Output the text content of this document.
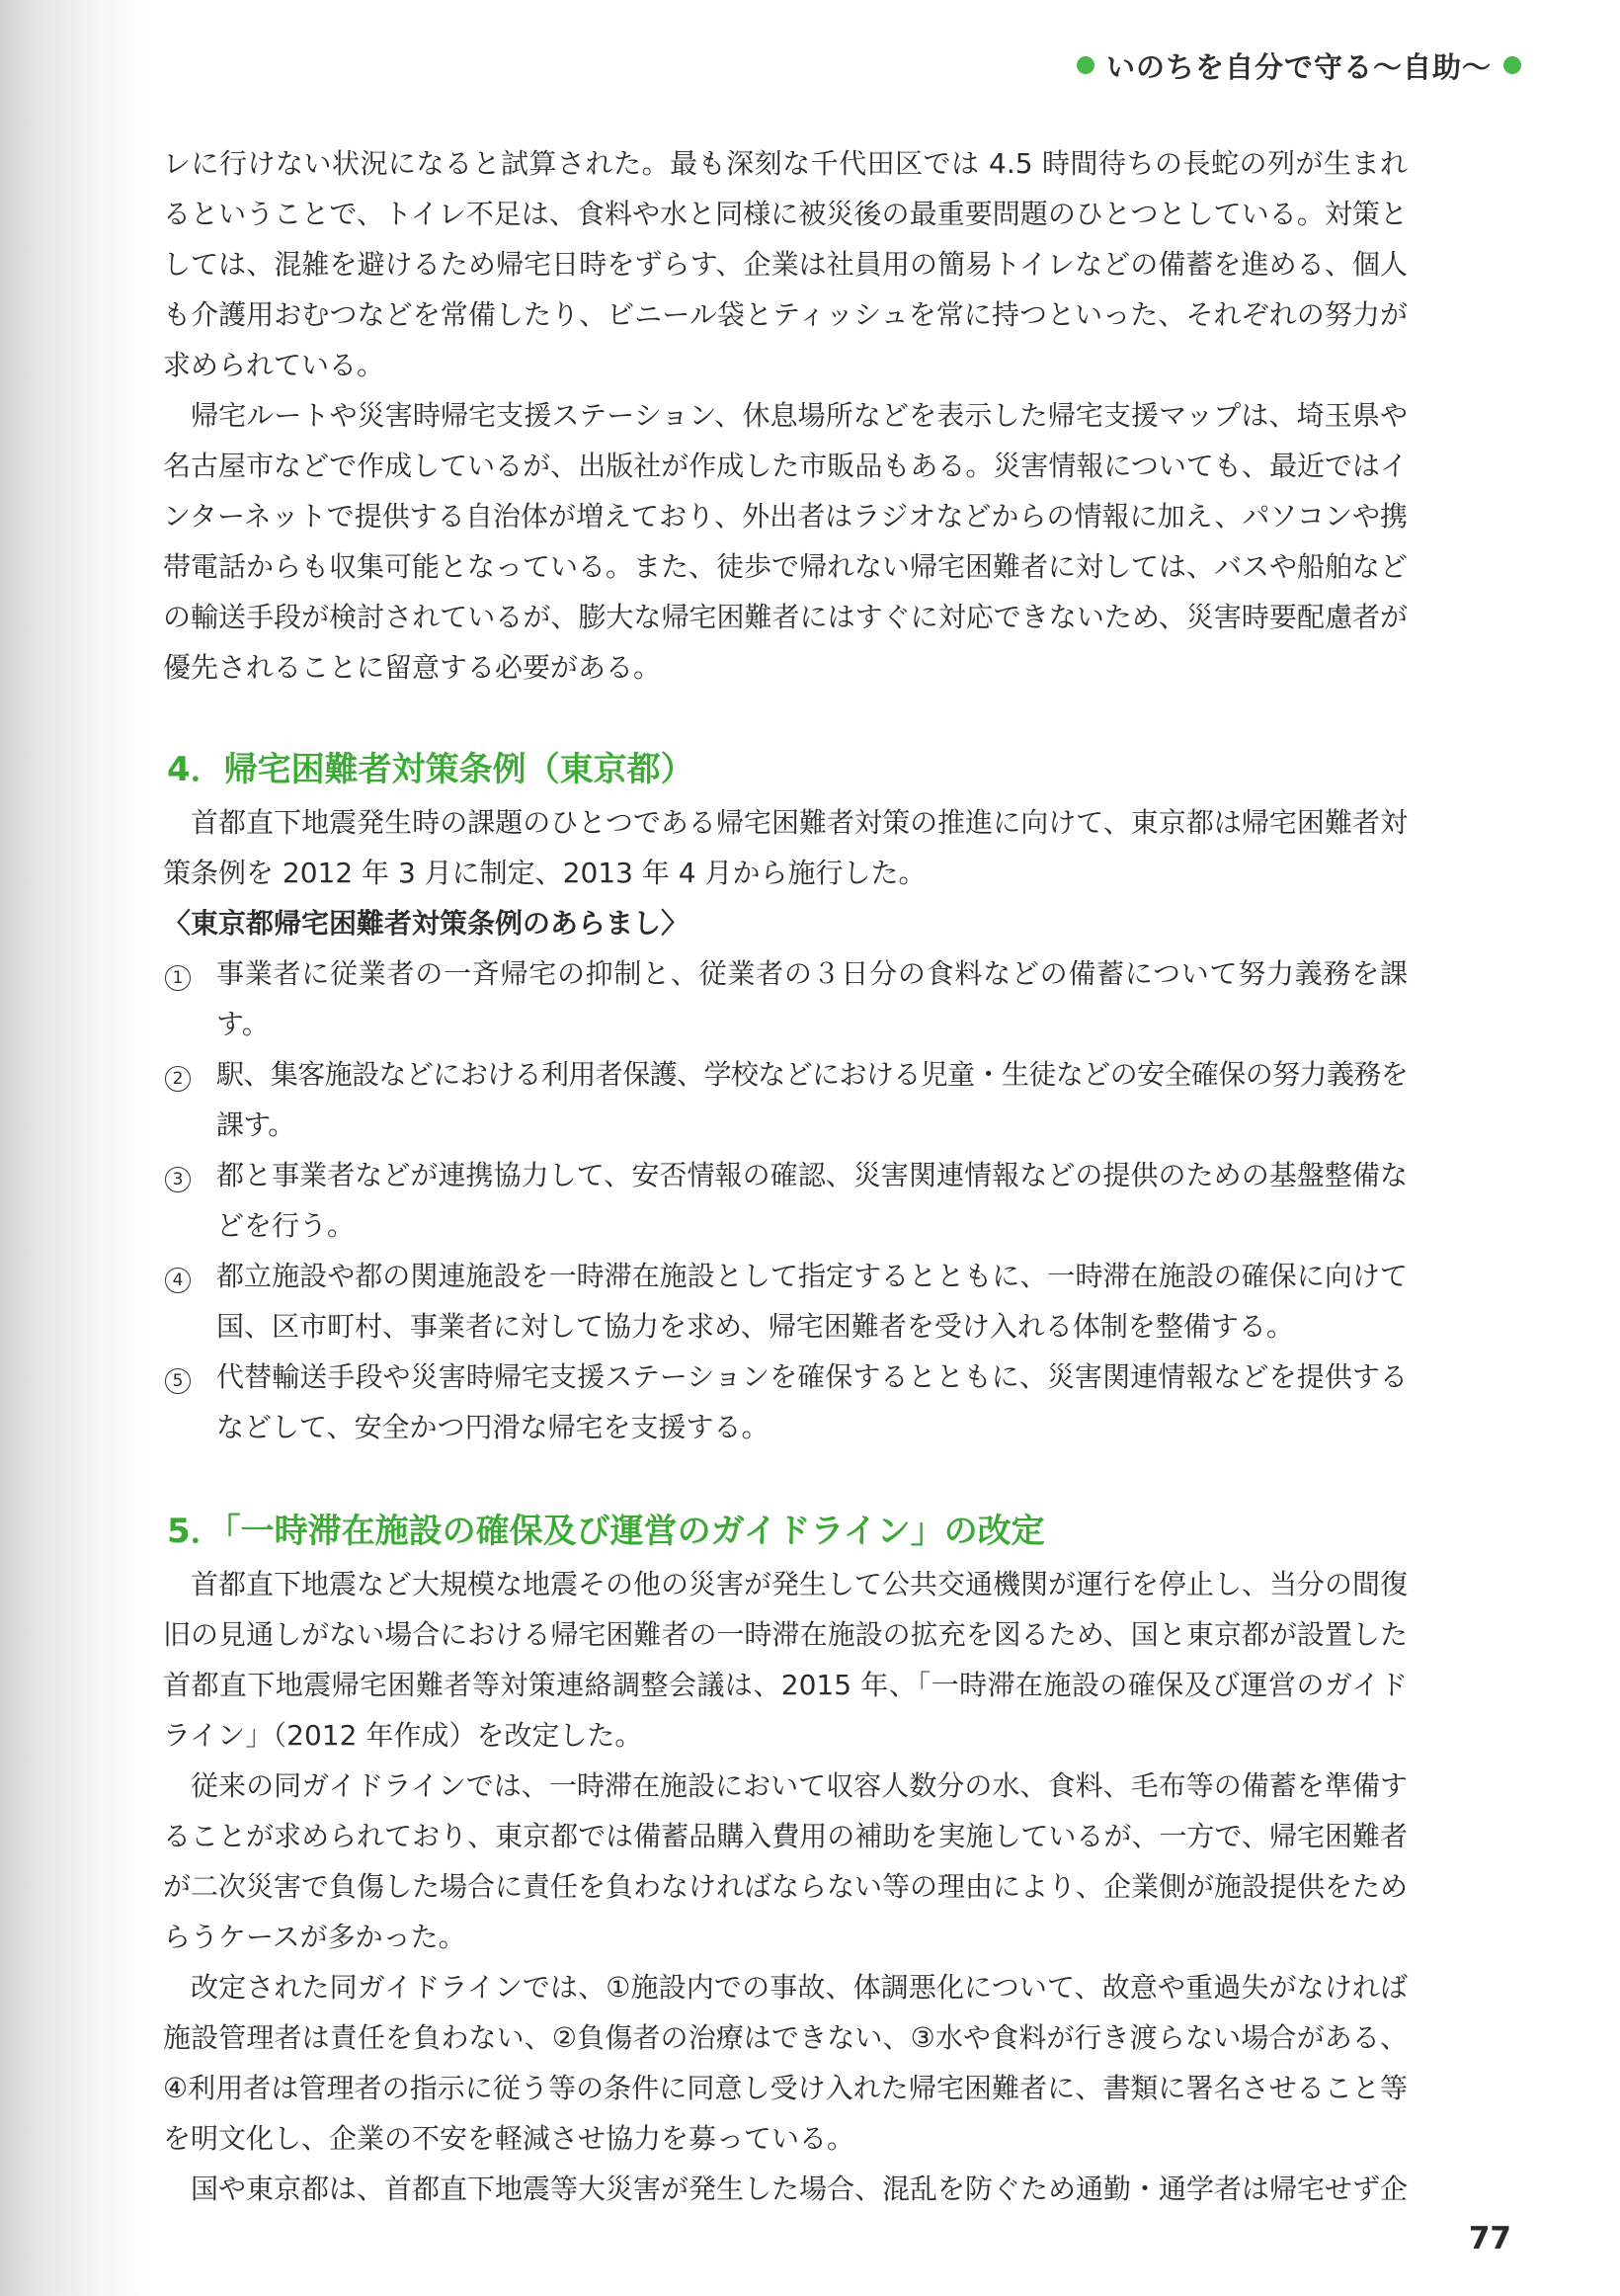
いのちを自分で守る〜自助〜

レに行けない状況になると試算された。最も深刻な千代田区では 4.5 時間待ちの長蛇の列が生まれるということで、トイレ不足は、食料や水と同様に被災後の最重要問題のひとつとしている。対策としては、混雑を避けるため帰宅日時をずらす、企業は社員用の簡易トイレなどの備蓄を進める、個人も介護用おむつなどを常備したり、ビニール袋とティッシュを常に持つといった、それぞれの努力が求められている。

帰宅ルートや災害時帰宅支援ステーション、休息場所などを表示した帰宅支援マップは、埼玉県や名古屋市などで作成しているが、出版社が作成した市販品もある。災害情報についても、最近ではインターネットで提供する自治体が増えており、外出者はラジオなどからの情報に加え、パソコンや携帯電話からも収集可能となっている。また、徒歩で帰れない帰宅困難者に対しては、バスや船舶などの輸送手段が検討されているが、膨大な帰宅困難者にはすぐに対応できないため、災害時要配慮者が優先されることに留意する必要がある。

4．帰宅困難者対策条例（東京都）

首都直下地震発生時の課題のひとつである帰宅困難者対策の推進に向けて、東京都は帰宅困難者対策条例を 2012 年 3 月に制定、2013 年 4 月から施行した。

〈東京都帰宅困難者対策条例のあらまし〉

1	事業者に従業者の一斉帰宅の抑制と、従業者の３日分の食料などの備蓄について努力義務を課す。
2	駅、集客施設などにおける利用者保護、学校などにおける児童・生徒などの安全確保の努力義務を課す。
3	都と事業者などが連携協力して、安否情報の確認、災害関連情報などの提供のための基盤整備などを行う。
4	都立施設や都の関連施設を一時滞在施設として指定するとともに、一時滞在施設の確保に向けて国、区市町村、事業者に対して協力を求め、帰宅困難者を受け入れる体制を整備する。
5	代替輸送手段や災害時帰宅支援ステーションを確保するとともに、災害関連情報などを提供するなどして、安全かつ円滑な帰宅を支援する。
5．「一時滞在施設の確保及び運営のガイドライン」の改定

首都直下地震など大規模な地震その他の災害が発生して公共交通機関が運行を停止し、当分の間復旧の見通しがない場合における帰宅困難者の一時滞在施設の拡充を図るため、国と東京都が設置した首都直下地震帰宅困難者等対策連絡調整会議は、2015 年、「一時滞在施設の確保及び運営のガイドライン」（2012 年作成）を改定した。

従来の同ガイドラインでは、一時滞在施設において収容人数分の水、食料、毛布等の備蓄を準備することが求められており、東京都では備蓄品購入費用の補助を実施しているが、一方で、帰宅困難者が二次災害で負傷した場合に責任を負わなければならない等の理由により、企業側が施設提供をためらうケースが多かった。

改定された同ガイドラインでは、①施設内での事故、体調悪化について、故意や重過失がなければ施設管理者は責任を負わない、②負傷者の治療はできない、③水や食料が行き渡らない場合がある、④利用者は管理者の指示に従う等の条件に同意し受け入れた帰宅困難者に、書類に署名させること等を明文化し、企業の不安を軽減させ協力を募っている。

国や東京都は、首都直下地震等大災害が発生した場合、混乱を防ぐため通勤・通学者は帰宅せず企

77
